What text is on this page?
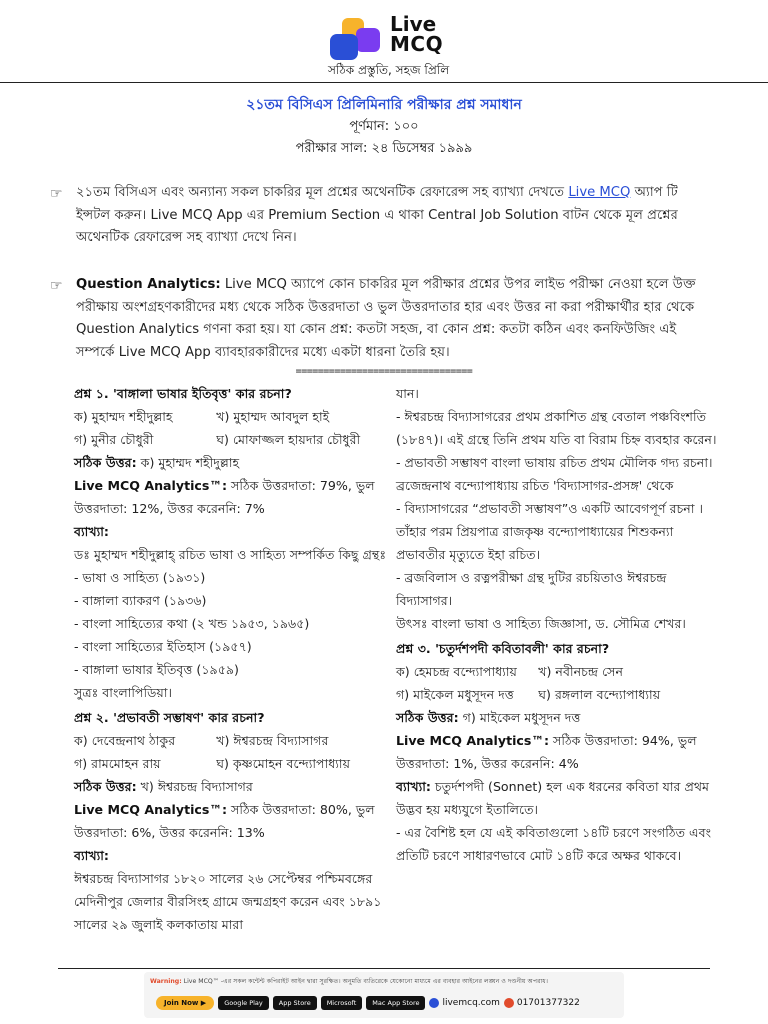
Live
MCQ
সঠিক প্রস্তুতি, সহজ প্রিলি
২১তম বিসিএস প্রিলিমিনারি পরীক্ষার প্রশ্ন সমাধান
পূর্ণমান: ১০০
পরীক্ষার সাল: ২৪ ডিসেম্বর ১৯৯৯
☞ ২১তম বিসিএস এবং অন্যান্য সকল চাকরির মূল প্রশ্নের অথেনটিক রেফারেন্স সহ ব্যাখ্যা দেখতে Live MCQ অ্যাপ টি ইন্সটল করুন। Live MCQ App এর Premium Section এ থাকা Central Job Solution বাটন থেকে মূল প্রশ্নের অথেনটিক রেফারেন্স সহ ব্যাখ্যা দেখে নিন।
☞ Question Analytics: Live MCQ অ্যাপে কোন চাকরির মূল পরীক্ষার প্রশ্নের উপর লাইভ পরীক্ষা নেওয়া হলে উক্ত পরীক্ষায় অংশগ্রহণকারীদের মধ্য থেকে সঠিক উত্তরদাতা ও ভুল উত্তরদাতার হার এবং উত্তর না করা পরীক্ষার্থীর হার থেকে Question Analytics গণনা করা হয়। যা কোন প্রশ্ন: কতটা সহজ, বা কোন প্রশ্ন: কতটা কঠিন এবং কনফিউজিং এই সম্পর্কে Live MCQ App ব্যাবহারকারীদের মধ্যে একটা ধারনা তৈরি হয়।
================================

প্রশ্ন ১. 'বাঙ্গালা ভাষার ইতিবৃত্ত' কার রচনা?

ক) মুহাম্মদ শহীদুল্লাহ	খ) মুহাম্মদ আবদুল হাই
গ) মুনীর চৌধুরী	ঘ) মোফাজ্জল হায়দার চৌধুরী

সঠিক উত্তর: ক) মুহাম্মদ শহীদুল্লাহ

Live MCQ Analytics™: সঠিক উত্তরদাতা: 79%, ভুল উত্তরদাতা: 12%, উত্তর করেননি: 7%

ব্যাখ্যা:

ডঃ মুহাম্মদ শহীদুল্লাহ্ রচিত ভাষা ও সাহিত্য সম্পর্কিত কিছু গ্রন্থঃ

- ভাষা ও সাহিত্য (১৯৩১)

- বাঙ্গালা ব্যাকরণ (১৯৩৬)

- বাংলা সাহিত্যের কথা (২ খন্ড ১৯৫৩, ১৯৬৫)

- বাংলা সাহিত্যের ইতিহাস (১৯৫৭)

- বাঙ্গালা ভাষার ইতিবৃত্ত (১৯৫৯)

সুত্রঃ বাংলাপিডিয়া।

প্রশ্ন ২. 'প্রভাবতী সম্ভাষণ' কার রচনা?

ক) দেবেন্দ্রনাথ ঠাকুর	খ) ঈশ্বরচন্দ্র বিদ্যাসাগর
গ) রামমোহন রায়	ঘ) কৃষ্ণমোহন বন্দ্যোপাধ্যায়

সঠিক উত্তর: খ) ঈশ্বরচন্দ্র বিদ্যাসাগর

Live MCQ Analytics™: সঠিক উত্তরদাতা: 80%, ভুল উত্তরদাতা: 6%, উত্তর করেননি: 13%

ব্যাখ্যা:

ঈশ্বরচন্দ্র বিদ্যাসাগর ১৮২০ সালের ২৬ সেপ্টেম্বর পশ্চিমবঙ্গের মেদিনীপুর জেলার বীরসিংহ গ্রামে জন্মগ্রহণ করেন এবং ১৮৯১ সালের ২৯ জুলাই কলকাতায় মারা

যান।

- ঈশ্বরচন্দ্র বিদ্যাসাগরের প্রথম প্রকাশিত গ্রন্থ বেতাল পঞ্চবিংশতি (১৮৪৭)। এই গ্রন্থে তিনি প্রথম যতি বা বিরাম চিহ্ন ব্যবহার করেন।

- প্রভাবতী সম্ভাষণ বাংলা ভাষায় রচিত প্রথম মৌলিক গদ্য রচনা।

ব্রজেন্দ্রনাথ বন্দ্যোপাধ্যায় রচিত 'বিদ্যাসাগর-প্রসঙ্গ' থেকে

- বিদ্যাসাগরের “প্রভাবতী সম্ভাষণ”ও একটি আবেগপূর্ণ রচনা । তাঁহার পরম প্রিয়পাত্র রাজকৃষ্ণ বন্দ্যোপাধ্যায়ের শিশুকন্যা প্রভাবতীর মৃত্যুতে ইহা রচিত।

- ব্রজবিলাস ও রত্নপরীক্ষা গ্রন্থ দুটির রচয়িতাও ঈশ্বরচন্দ্র বিদ্যাসাগর।

উৎসঃ বাংলা ভাষা ও সাহিত্য জিজ্ঞাসা, ড. সৌমিত্র শেখর।

প্রশ্ন ৩. 'চতুর্দশপদী কবিতাবলী' কার রচনা?

ক) হেমচন্দ্র বন্দ্যোপাধ্যায়	খ) নবীনচন্দ্র সেন
গ) মাইকেল মধুসূদন দত্ত	ঘ) রঙ্গলাল বন্দ্যোপাধ্যায়

সঠিক উত্তর: গ) মাইকেল মধুসূদন দত্ত

Live MCQ Analytics™: সঠিক উত্তরদাতা: 94%, ভুল উত্তরদাতা: 1%, উত্তর করেননি: 4%

ব্যাখ্যা: চতুর্দশপদী (Sonnet) হল এক ধরনের কবিতা যার প্রথম উদ্ভব হয় মধ্যযুগে ইতালিতে।

- এর বৈশিষ্ট হল যে এই কবিতাগুলো ১৪টি চরণে সংগঠিত এবং প্রতিটি চরণে সাধারণভাবে মোট ১৪টি করে অক্ষর থাকবে।

Warning: Live MCQ™ -এর সকল কন্টেন্ট কপিরাইট আইন দ্বারা সুরক্ষিত। অনুমতি ব্যতিরেকে যেকোনো মাধ্যমে এর ব্যবহার আইনের লঙ্ঘন ও দণ্ডনীয় অপরাধ।
Join Now ▶	Google Play	App Store	Microsoft	Mac App Store	livemcq.com 01701377322
